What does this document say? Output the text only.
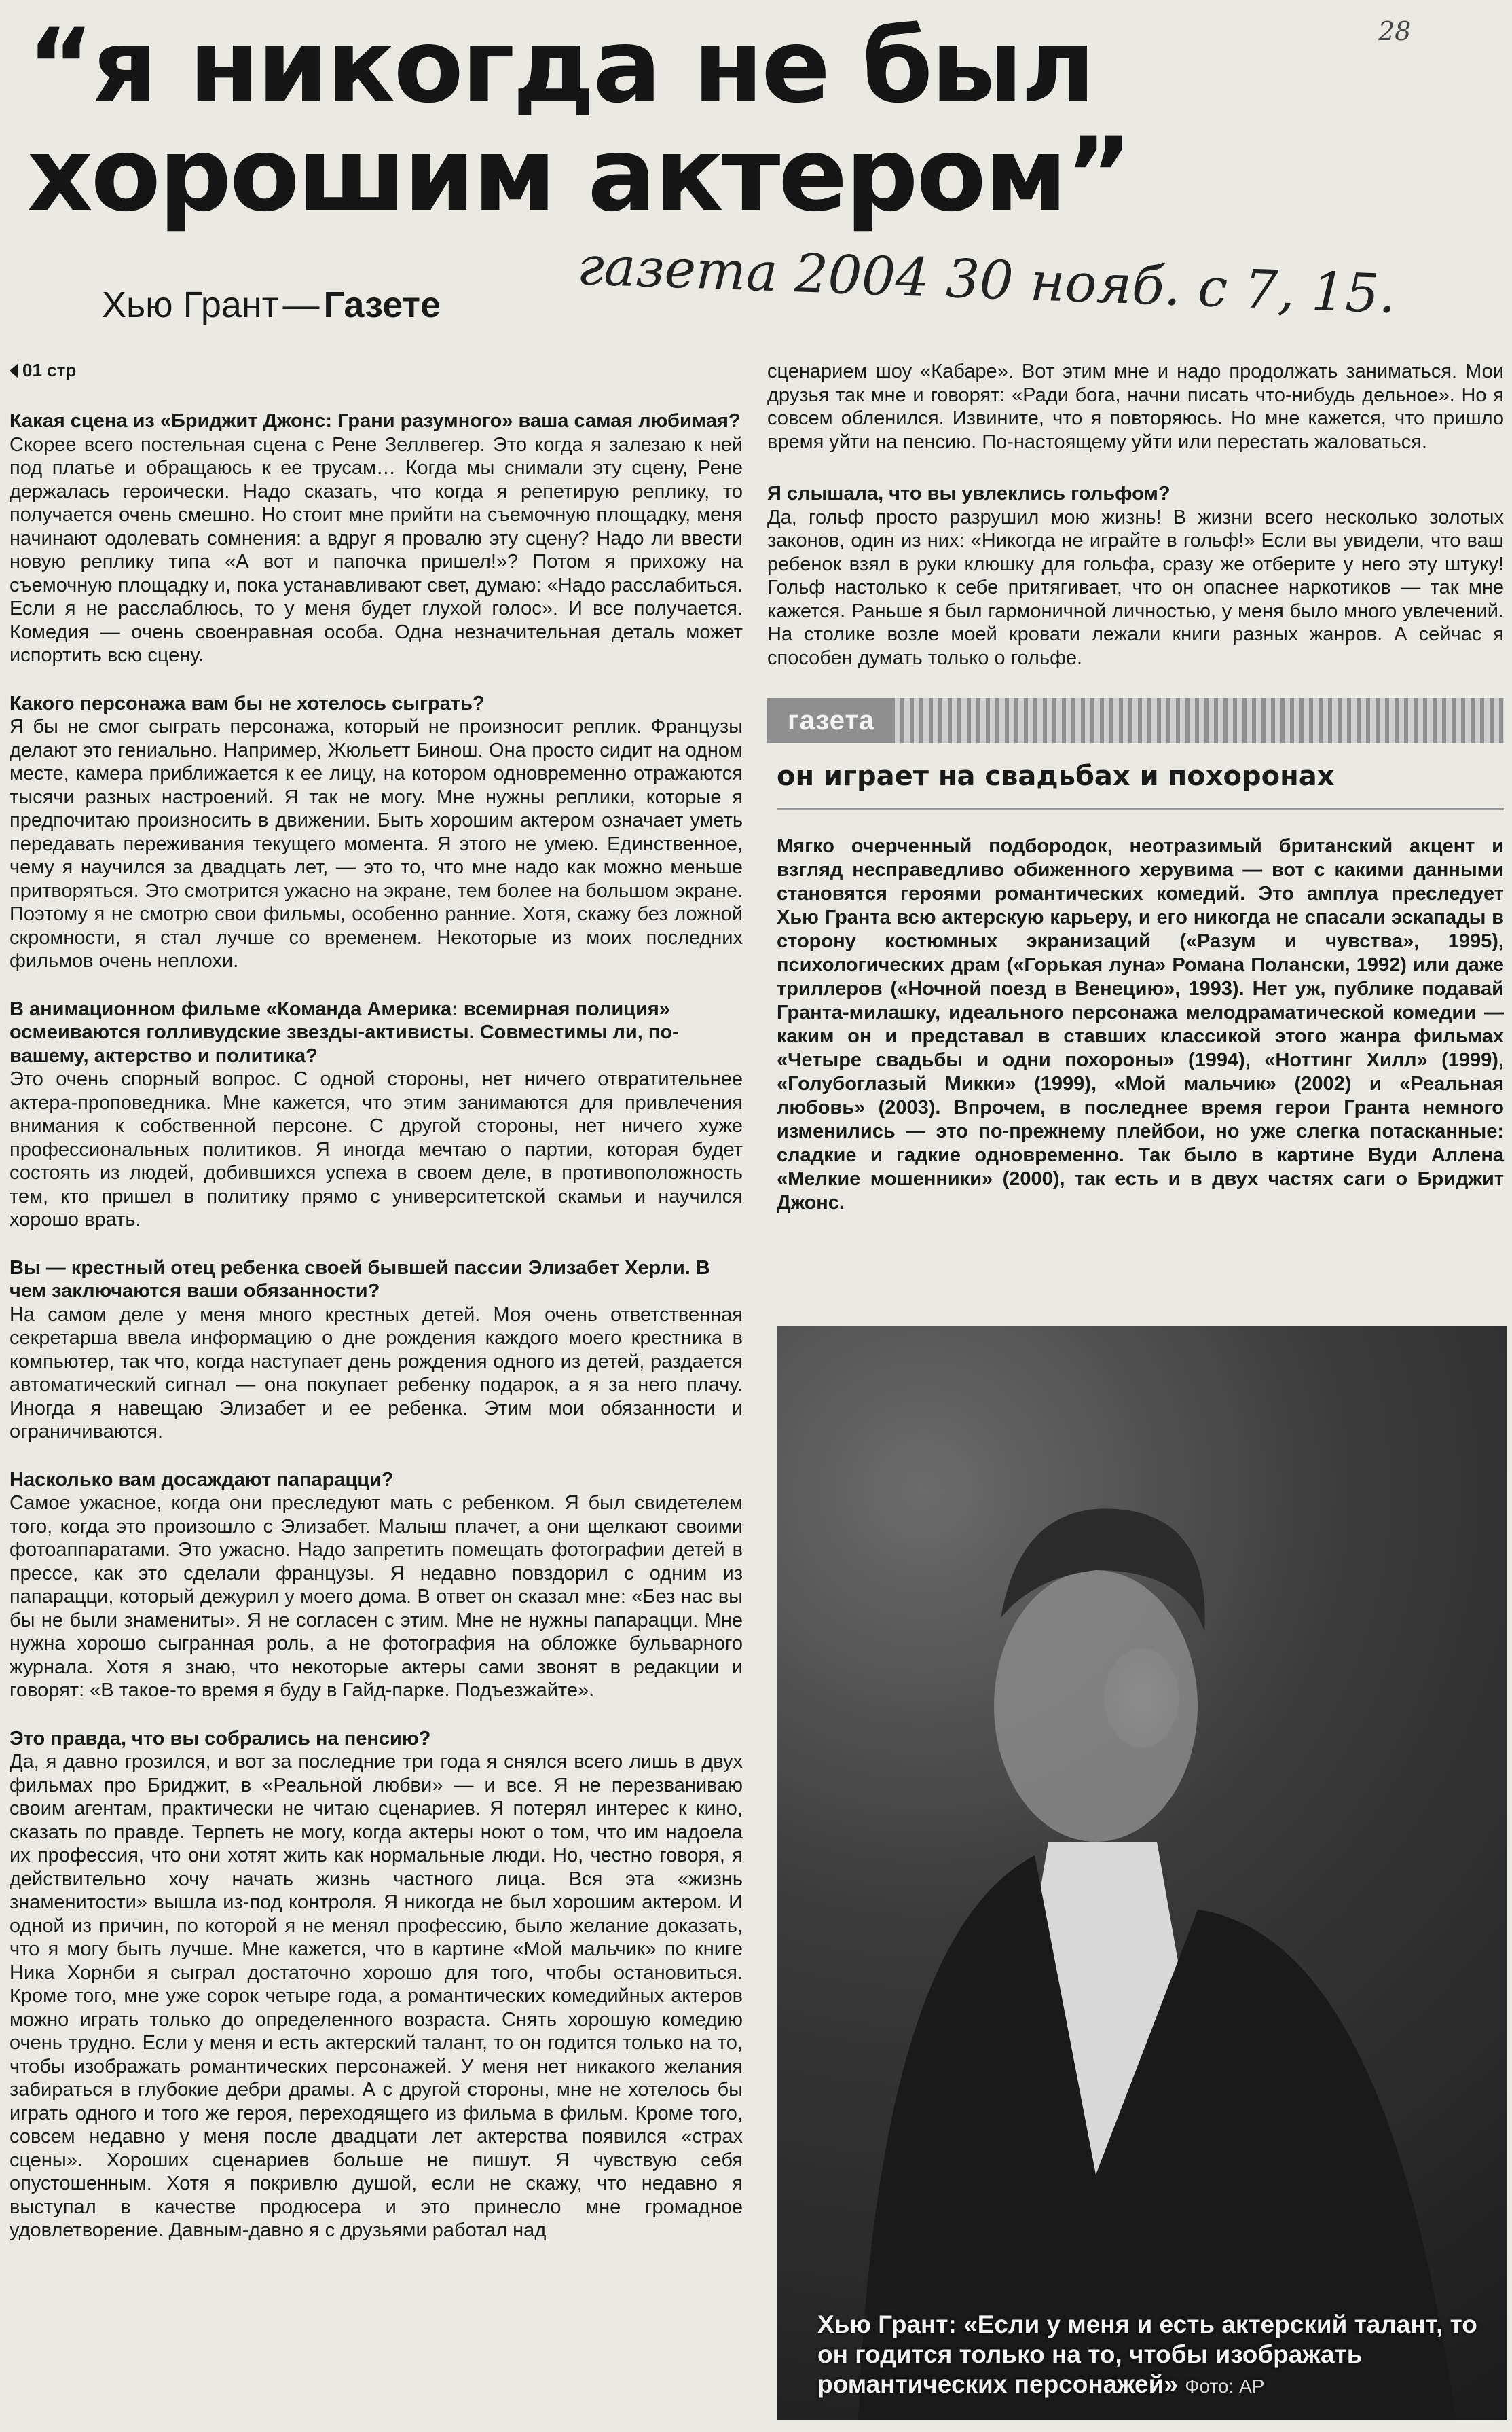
“я никогда не был хорошим актером”
28
Хью Грант — Газете	газета 2004 30 нояб. с 7, 15.
01 стр

Какая сцена из «Бриджит Джонс: Грани разумного» ваша самая любимая?

Скорее всего постельная сцена с Рене Зеллвегер. Это когда я залезаю к ней под платье и обращаюсь к ее трусам… Когда мы снимали эту сцену, Рене держалась героически. Надо сказать, что когда я репетирую реплику, то получается очень смешно. Но стоит мне прийти на съемочную площадку, меня начинают одолевать сомнения: а вдруг я провалю эту сцену? Надо ли ввести новую реплику типа «А вот и папочка пришел!»? Потом я прихожу на съемочную площадку и, пока устанавливают свет, думаю: «Надо расслабиться. Если я не расслаблюсь, то у меня будет глухой голос». И все получается. Комедия — очень своенравная особа. Одна незначительная деталь может испортить всю сцену.

Какого персонажа вам бы не хотелось сыграть?

Я бы не смог сыграть персонажа, который не произносит реплик. Французы делают это гениально. Например, Жюльетт Бинош. Она просто сидит на одном месте, камера приближается к ее лицу, на котором одновременно отражаются тысячи разных настроений. Я так не могу. Мне нужны реплики, которые я предпочитаю произносить в движении. Быть хорошим актером означает уметь передавать переживания текущего момента. Я этого не умею. Единственное, чему я научился за двадцать лет, — это то, что мне надо как можно меньше притворяться. Это смотрится ужасно на экране, тем более на большом экране. Поэтому я не смотрю свои фильмы, особенно ранние. Хотя, скажу без ложной скромности, я стал лучше со временем. Некоторые из моих последних фильмов очень неплохи.

В анимационном фильме «Команда Америка: всемирная полиция» осмеиваются голливудские звезды-активисты. Совместимы ли, по-вашему, актерство и политика?

Это очень спорный вопрос. С одной стороны, нет ничего отвратительнее актера-проповедника. Мне кажется, что этим занимаются для привлечения внимания к собственной персоне. С другой стороны, нет ничего хуже профессиональных политиков. Я иногда мечтаю о партии, которая будет состоять из людей, добившихся успеха в своем деле, в противоположность тем, кто пришел в политику прямо с университетской скамьи и научился хорошо врать.

Вы — крестный отец ребенка своей бывшей пассии Элизабет Херли. В чем заключаются ваши обязанности?

На самом деле у меня много крестных детей. Моя очень ответственная секретарша ввела информацию о дне рождения каждого моего крестника в компьютер, так что, когда наступает день рождения одного из детей, раздается автоматический сигнал — она покупает ребенку подарок, а я за него плачу. Иногда я навещаю Элизабет и ее ребенка. Этим мои обязанности и ограничиваются.

Насколько вам досаждают папарацци?

Самое ужасное, когда они преследуют мать с ребенком. Я был свидетелем того, когда это произошло с Элизабет. Малыш плачет, а они щелкают своими фотоаппаратами. Это ужасно. Надо запретить помещать фотографии детей в прессе, как это сделали французы. Я недавно повздорил с одним из папарацци, который дежурил у моего дома. В ответ он сказал мне: «Без нас вы бы не были знамениты». Я не согласен с этим. Мне не нужны папарацци. Мне нужна хорошо сыгранная роль, а не фотография на обложке бульварного журнала. Хотя я знаю, что некоторые актеры сами звонят в редакции и говорят: «В такое-то время я буду в Гайд-парке. Подъезжайте».

Это правда, что вы собрались на пенсию?

Да, я давно грозился, и вот за последние три года я снялся всего лишь в двух фильмах про Бриджит, в «Реальной любви» — и все. Я не перезваниваю своим агентам, практически не читаю сценариев. Я потерял интерес к кино, сказать по правде. Терпеть не могу, когда актеры ноют о том, что им надоела их профессия, что они хотят жить как нормальные люди. Но, честно говоря, я действительно хочу начать жизнь частного лица. Вся эта «жизнь знаменитости» вышла из-под контроля. Я никогда не был хорошим актером. И одной из причин, по которой я не менял профессию, было желание доказать, что я могу быть лучше. Мне кажется, что в картине «Мой мальчик» по книге Ника Хорнби я сыграл достаточно хорошо для того, чтобы остановиться. Кроме того, мне уже сорок четыре года, а романтических комедийных актеров можно играть только до определенного возраста. Снять хорошую комедию очень трудно. Если у меня и есть актерский талант, то он годится только на то, чтобы изображать романтических персонажей. У меня нет никакого желания забираться в глубокие дебри драмы. А с другой стороны, мне не хотелось бы играть одного и того же героя, переходящего из фильма в фильм. Кроме того, совсем недавно у меня после двадцати лет актерства появился «страх сцены». Хороших сценариев больше не пишут. Я чувствую себя опустошенным. Хотя я покривлю душой, если не скажу, что недавно я выступал в качестве продюсера и это принесло мне громадное удовлетворение. Давным-давно я с друзьями работал над

сценарием шоу «Кабаре». Вот этим мне и надо продолжать заниматься. Мои друзья так мне и говорят: «Ради бога, начни писать что-нибудь дельное». Но я совсем обленился. Извините, что я повторяюсь. Но мне кажется, что пришло время уйти на пенсию. По-настоящему уйти или перестать жаловаться.

Я слышала, что вы увлеклись гольфом?

Да, гольф просто разрушил мою жизнь! В жизни всего несколько золотых законов, один из них: «Никогда не играйте в гольф!» Если вы увидели, что ваш ребенок взял в руки клюшку для гольфа, сразу же отберите у него эту штуку! Гольф настолько к себе притягивает, что он опаснее наркотиков — так мне кажется. Раньше я был гармоничной личностью, у меня было много увлечений. На столике возле моей кровати лежали книги разных жанров. А сейчас я способен думать только о гольфе.

газета
он играет на свадьбах и похоронах

Мягко очерченный подбородок, неотразимый британский акцент и взгляд несправедливо обиженного херувима — вот с какими данными становятся героями романтических комедий. Это амплуа преследует Хью Гранта всю актерскую карьеру, и его никогда не спасали эскапады в сторону костюмных экранизаций («Разум и чувства», 1995), психологических драм («Горькая луна» Романа Полански, 1992) или даже триллеров («Ночной поезд в Венецию», 1993). Нет уж, публике подавай Гранта-милашку, идеального персонажа мелодраматической комедии — каким он и представал в ставших классикой этого жанра фильмах «Четыре свадьбы и одни похороны» (1994), «Ноттинг Хилл» (1999), «Голубоглазый Микки» (1999), «Мой мальчик» (2002) и «Реальная любовь» (2003). Впрочем, в последнее время герои Гранта немного изменились — это по-прежнему плейбои, но уже слегка потасканные: сладкие и гадкие одновременно. Так было в картине Вуди Аллена «Мелкие мошенники» (2000), так есть и в двух частях саги о Бриджит Джонс.

Хью Грант: «Если у меня и есть актерский талант, то он годится только на то, чтобы изображать романтических персонажей» Фото: AP
